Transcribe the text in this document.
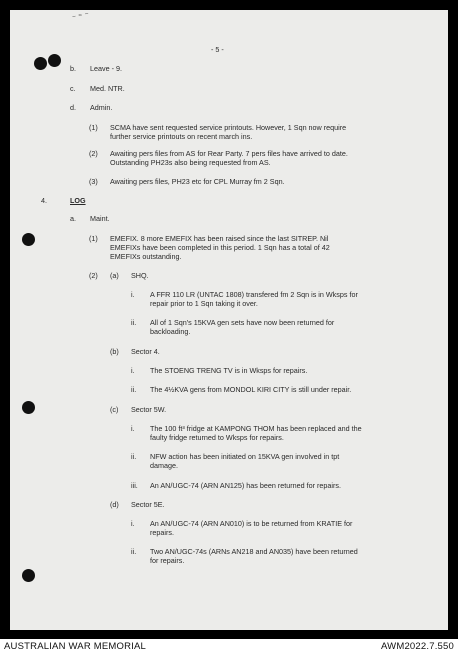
⁻ ⁼ ⁻
- 5 -
b. Leave - 9.
c. Med. NTR.
d. Admin.
(1) SCMA have sent requested service printouts. However, 1 Sqn now require
further service printouts on recent march ins.
(2) Awaiting pers files from AS for Rear Party. 7 pers files have arrived to date.
Outstanding PH23s also being requested from AS.
(3) Awaiting pers files, PH23 etc for CPL Murray fm 2 Sqn.
4.	LOG
a. Maint.
(1) EMEFIX. 8 more EMEFIX has been raised since the last SITREP. Nil
EMEFIXs have been completed in this period. 1 Sqn has a total of 42
EMEFIXs outstanding.
(2) (a) SHQ.
i. A FFR 110 LR (UNTAC 1808) transfered fm 2 Sqn is in Wksps for
repair prior to 1 Sqn taking it over.
ii. All of 1 Sqn's 15KVA gen sets have now been returned for
backloading.
(b) Sector 4.
i. The STOENG TRENG TV is in Wksps for repairs.
ii. The 4½KVA gens from MONDOL KIRI CITY is still under repair.
(c) Sector 5W.
i. The 100 ft³ fridge at KAMPONG THOM has been replaced and the
faulty fridge returned to Wksps for repairs.
ii. NFW action has been initiated on 15KVA gen involved in tpt
damage.
iii. An AN/UGC-74 (ARN AN125) has been returned for repairs.
(d) Sector 5E.
i. An AN/UGC-74 (ARN AN010) is to be returned from KRATIE for
repairs.
ii. Two AN/UGC-74s (ARNs AN218 and AN035) have been returned
for repairs.
AUSTRALIAN WAR MEMORIAL	AWM2022.7.550
